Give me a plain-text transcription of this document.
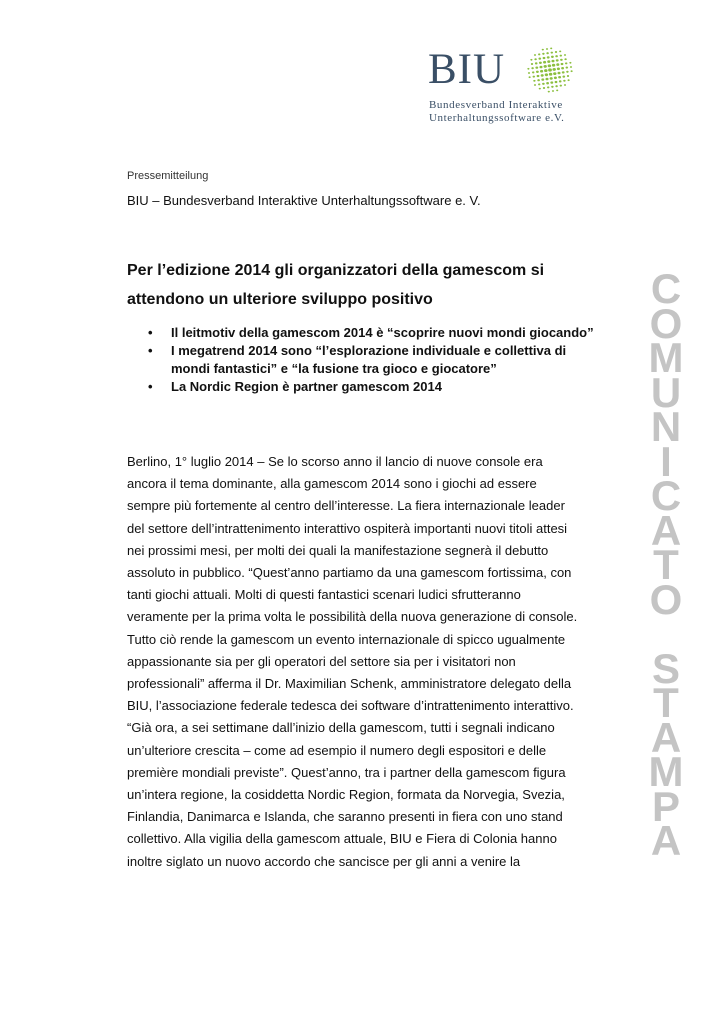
BIU
Bundesverband Interaktive
Unterhaltungssoftware e.V.
Pressemitteilung
BIU – Bundesverband Interaktive Unterhaltungssoftware e. V.
Per l’edizione 2014 gli organizzatori della gamescom si attendono un ulteriore sviluppo positivo
• Il leitmotiv della gamescom 2014 è “scoprire nuovi mondi giocando”
• I megatrend 2014 sono “l’esplorazione individuale e collettiva di mondi fantastici” e “la fusione tra gioco e giocatore”
• La Nordic Region è partner gamescom 2014

Berlino, 1° luglio 2014 – Se lo scorso anno il lancio di nuove console era
ancora il tema dominante, alla gamescom 2014 sono i giochi ad essere
sempre più fortemente al centro dell’interesse. La fiera internazionale leader
del settore dell’intrattenimento interattivo ospiterà importanti nuovi titoli attesi
nei prossimi mesi, per molti dei quali la manifestazione segnerà il debutto
assoluto in pubblico. “Quest’anno partiamo da una gamescom fortissima, con
tanti giochi attuali. Molti di questi fantastici scenari ludici sfrutteranno
veramente per la prima volta le possibilità della nuova generazione di console.
Tutto ciò rende la gamescom un evento internazionale di spicco ugualmente
appassionante sia per gli operatori del settore sia per i visitatori non
professionali” afferma il Dr. Maximilian Schenk, amministratore delegato della
BIU, l’associazione federale tedesca dei software d’intrattenimento interattivo.
“Già ora, a sei settimane dall’inizio della gamescom, tutti i segnali indicano
un’ulteriore crescita – come ad esempio il numero degli espositori e delle
première mondiali previste”. Quest’anno, tra i partner della gamescom figura
un’intera regione, la cosiddetta Nordic Region, formata da Norvegia, Svezia,
Finlandia, Danimarca e Islanda, che saranno presenti in fiera con uno stand
collettivo. Alla vigilia della gamescom attuale, BIU e Fiera di Colonia hanno
inoltre siglato un nuovo accordo che sancisce per gli anni a venire la

C
O
M
U
N
I
C
A
T
O
S
T
A
M
P
A
